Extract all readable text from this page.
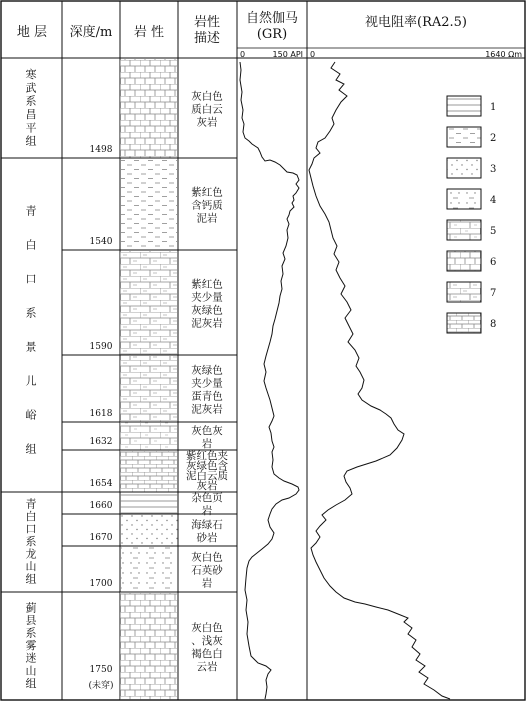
地 层 深度/m 岩 性
岩性描述
自然伽马(GR)
视电阻率(RA2.5)
0	150 API 0	1640 Ωm
寒武系昌平组
青白口系景儿峪组
青白口系龙山组
蓟县系雾迷山组
1498
灰白色质白云灰岩
1540
紫红色含钙质泥岩
1590
紫红色夹少量灰绿色泥灰岩
1618
灰绿色夹少量蛋青色泥灰岩
1632
灰色灰岩
1654
紫红色夹灰绿色含泥白云质灰岩
1660
杂色页岩
1670
海绿石砂岩
1700
灰白色石英砂岩
1750
(未穿)
灰白色、浅灰褐色白云岩
1
2
3
4
5
6
7
8
